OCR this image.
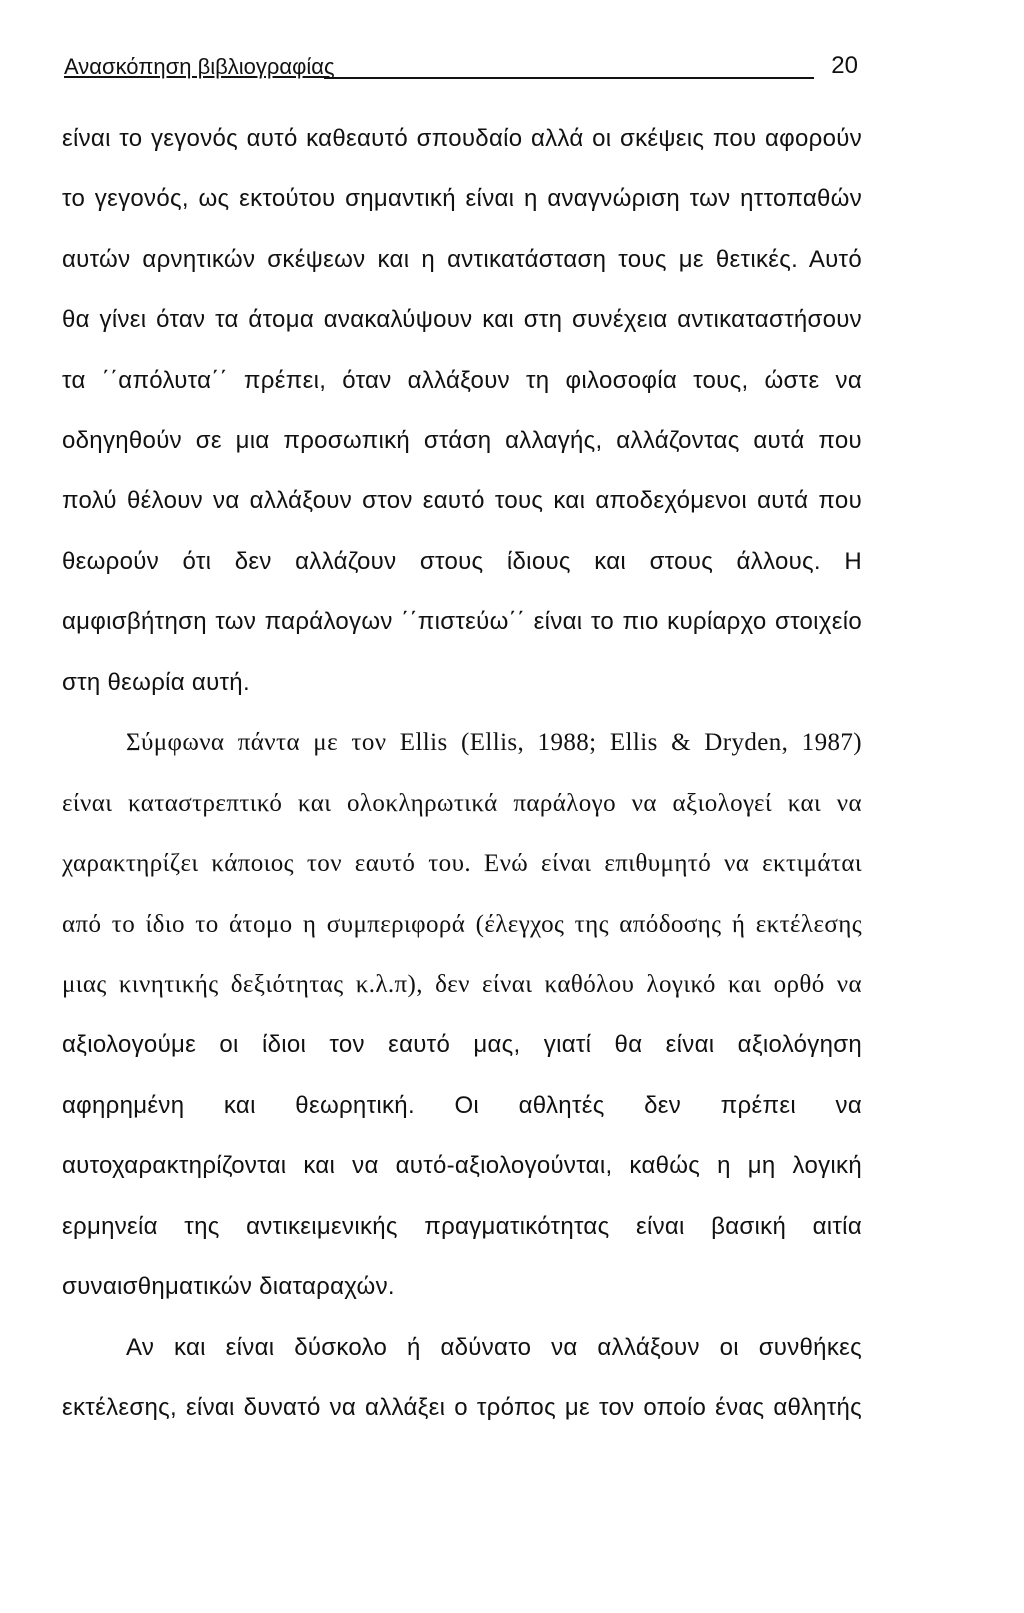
Ανασκόπηση βιβλιογραφίας	20
είναι το γεγονός αυτό καθεαυτό σπουδαίο αλλά οι σκέψεις που αφορούν
το γεγονός, ως εκτούτου σημαντική είναι η αναγνώριση των ηττοπαθών
αυτών αρνητικών σκέψεων και η αντικατάσταση τους με θετικές. Αυτό
θα γίνει όταν τα άτομα ανακαλύψουν και στη συνέχεια αντικαταστήσουν
τα ΄΄απόλυτα΄΄ πρέπει, όταν αλλάξουν τη φιλοσοφία τους, ώστε να
οδηγηθούν σε μια προσωπική στάση αλλαγής, αλλάζοντας αυτά που
πολύ θέλουν να αλλάξουν στον εαυτό τους και αποδεχόμενοι αυτά που
θεωρούν ότι δεν αλλάζουν στους ίδιους και στους άλλους. Η
αμφισβήτηση των παράλογων ΄΄πιστεύω΄΄ είναι το πιο κυρίαρχο στοιχείο
στη θεωρία αυτή.
Σύμφωνα πάντα με τον Ellis (Ellis, 1988; Ellis & Dryden, 1987)
είναι καταστρεπτικό και ολοκληρωτικά παράλογο να αξιολογεί και να
χαρακτηρίζει κάποιος τον εαυτό του. Ενώ είναι επιθυμητό να εκτιμάται
από το ίδιο το άτομο η συμπεριφορά (έλεγχος της απόδοσης ή εκτέλεσης
μιας κινητικής δεξιότητας κ.λ.π), δεν είναι καθόλου λογικό και ορθό να
αξιολογούμε οι ίδιοι τον εαυτό μας, γιατί θα είναι αξιολόγηση
αφηρημένη και θεωρητική. Οι αθλητές δεν πρέπει να
αυτοχαρακτηρίζονται και να αυτό-αξιολογούνται, καθώς η μη λογική
ερμηνεία της αντικειμενικής πραγματικότητας είναι βασική αιτία
συναισθηματικών διαταραχών.
Αν και είναι δύσκολο ή αδύνατο να αλλάξουν οι συνθήκες
εκτέλεσης, είναι δυνατό να αλλάξει ο τρόπος με τον οποίο ένας αθλητής
